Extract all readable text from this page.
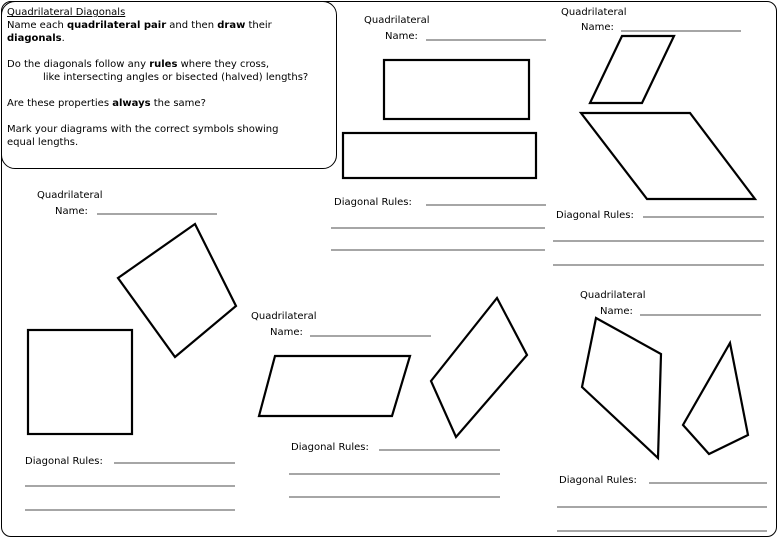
Quadrilateral Diagonals

Name each quadrilateral pair and then draw their diagonals.

Do the diagonals follow any rules where they cross,

like intersecting angles or bisected (halved) lengths?

Are these properties always the same?

Mark your diagrams with the correct symbols showing

equal lengths.

Quadrilateral
Name:
Diagonal Rules:
Quadrilateral
Name:
Diagonal Rules:
Quadrilateral
Name:
Diagonal Rules:
Quadrilateral
Name:
Diagonal Rules:
Quadrilateral
Name:
Diagonal Rules:
